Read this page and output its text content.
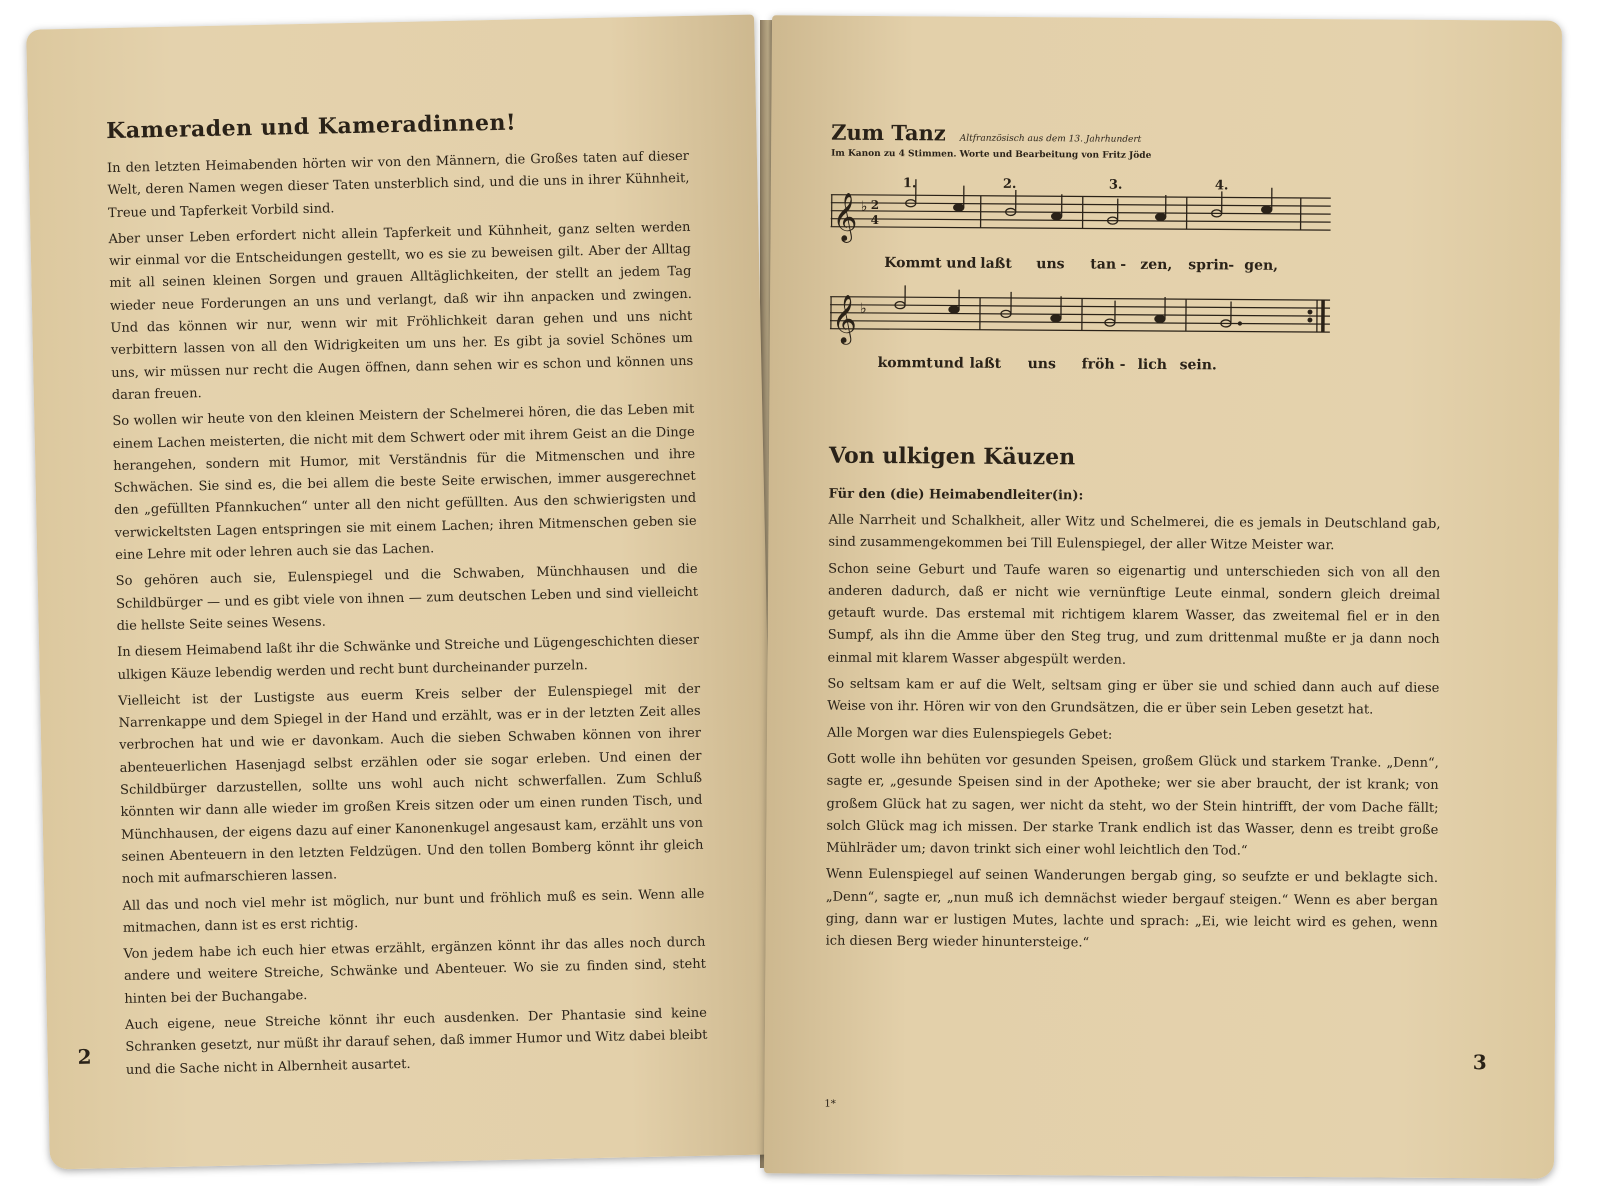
Kameraden und Kameradinnen!

In den letzten Heimabenden hörten wir von den Männern, die Großes taten auf dieser Welt, deren Namen wegen dieser Taten unsterblich sind, und die uns in ihrer Kühnheit, Treue und Tapferkeit Vorbild sind.

Aber unser Leben erfordert nicht allein Tapferkeit und Kühnheit, ganz selten werden wir einmal vor die Entscheidungen gestellt, wo es sie zu beweisen gilt. Aber der Alltag mit all seinen kleinen Sorgen und grauen Alltäglichkeiten, der stellt an jedem Tag wieder neue Forderungen an uns und verlangt, daß wir ihn anpacken und zwingen. Und das können wir nur, wenn wir mit Fröhlichkeit daran gehen und uns nicht verbittern lassen von all den Widrigkeiten um uns her. Es gibt ja soviel Schönes um uns, wir müssen nur recht die Augen öffnen, dann sehen wir es schon und können uns daran freuen.

So wollen wir heute von den kleinen Meistern der Schelmerei hören, die das Leben mit einem Lachen meisterten, die nicht mit dem Schwert oder mit ihrem Geist an die Dinge herangehen, sondern mit Humor, mit Verständnis für die Mitmenschen und ihre Schwächen. Sie sind es, die bei allem die beste Seite erwischen, immer ausgerechnet den „gefüllten Pfannkuchen“ unter all den nicht gefüllten. Aus den schwierigsten und verwickeltsten Lagen entspringen sie mit einem Lachen; ihren Mitmenschen geben sie eine Lehre mit oder lehren auch sie das Lachen.

So gehören auch sie, Eulenspiegel und die Schwaben, Münchhausen und die Schildbürger — und es gibt viele von ihnen — zum deutschen Leben und sind vielleicht die hellste Seite seines Wesens.

In diesem Heimabend laßt ihr die Schwänke und Streiche und Lügengeschichten dieser ulkigen Käuze lebendig werden und recht bunt durcheinander purzeln.

Vielleicht ist der Lustigste aus euerm Kreis selber der Eulenspiegel mit der Narrenkappe und dem Spiegel in der Hand und erzählt, was er in der letzten Zeit alles verbrochen hat und wie er davonkam. Auch die sieben Schwaben können von ihrer abenteuerlichen Hasenjagd selbst erzählen oder sie sogar erleben. Und einen der Schildbürger darzustellen, sollte uns wohl auch nicht schwerfallen. Zum Schluß könnten wir dann alle wieder im großen Kreis sitzen oder um einen runden Tisch, und Münchhausen, der eigens dazu auf einer Kanonenkugel angesaust kam, erzählt uns von seinen Abenteuern in den letzten Feldzügen. Und den tollen Bomberg könnt ihr gleich noch mit aufmarschieren lassen.

All das und noch viel mehr ist möglich, nur bunt und fröhlich muß es sein. Wenn alle mitmachen, dann ist es erst richtig.

Von jedem habe ich euch hier etwas erzählt, ergänzen könnt ihr das alles noch durch andere und weitere Streiche, Schwänke und Abenteuer. Wo sie zu finden sind, steht hinten bei der Buchangabe.

Auch eigene, neue Streiche könnt ihr euch ausdenken. Der Phantasie sind keine Schranken gesetzt, nur müßt ihr darauf sehen, daß immer Humor und Witz dabei bleibt und die Sache nicht in Albernheit ausartet.

2
Zum Tanz Altfranzösisch aus dem 13. Jahrhundert
Im Kanon zu 4 Stimmen. Worte und Bearbeitung von Fritz Jöde
𝄞 ♭ 2
4
1.	2.	3.	4.
Kommt und laßt	uns	tan -	zen,	sprin - gen,
𝄞 ♭
kommt und laßt	uns	fröh - lich sein.
Von ulkigen Käuzen
Für den (die) Heimabendleiter(in):

Alle Narrheit und Schalkheit, aller Witz und Schelmerei, die es jemals in Deutschland gab, sind zusammengekommen bei Till Eulenspiegel, der aller Witze Meister war.

Schon seine Geburt und Taufe waren so eigenartig und unterschieden sich von all den anderen dadurch, daß er nicht wie vernünftige Leute einmal, sondern gleich dreimal getauft wurde. Das erstemal mit richtigem klarem Wasser, das zweitemal fiel er in den Sumpf, als ihn die Amme über den Steg trug, und zum drittenmal mußte er ja dann noch einmal mit klarem Wasser abgespült werden.

So seltsam kam er auf die Welt, seltsam ging er über sie und schied dann auch auf diese Weise von ihr. Hören wir von den Grundsätzen, die er über sein Leben gesetzt hat.

Alle Morgen war dies Eulenspiegels Gebet:

Gott wolle ihn behüten vor gesunden Speisen, großem Glück und starkem Tranke. „Denn“, sagte er, „gesunde Speisen sind in der Apotheke; wer sie aber braucht, der ist krank; von großem Glück hat zu sagen, wer nicht da steht, wo der Stein hintrifft, der vom Dache fällt; solch Glück mag ich missen. Der starke Trank endlich ist das Wasser, denn es treibt große Mühlräder um; davon trinkt sich einer wohl leichtlich den Tod.“

Wenn Eulenspiegel auf seinen Wanderungen bergab ging, so seufzte er und beklagte sich. „Denn“, sagte er, „nun muß ich demnächst wieder bergauf steigen.“ Wenn es aber bergan ging, dann war er lustigen Mutes, lachte und sprach: „Ei, wie leicht wird es gehen, wenn ich diesen Berg wieder hinuntersteige.“

1*
3
